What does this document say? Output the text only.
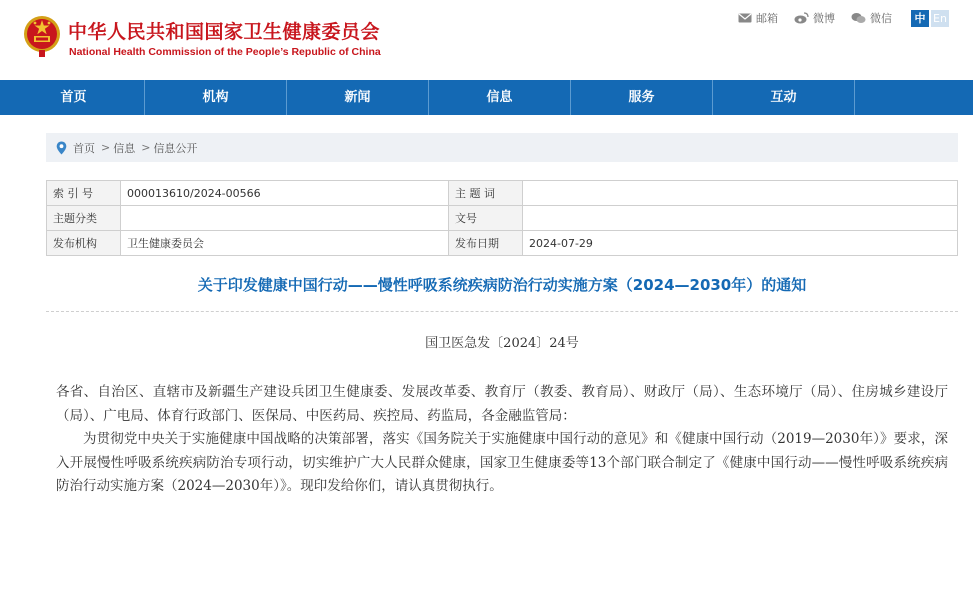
中华人民共和国国家卫生健康委员会
National Health Commission of the People’s Republic of China
邮箱	微博	微信	中 En
首页	机构	新闻	信息	服务	互动
首页 > 信息 > 信息公开
索 引 号	000013610/2024-00566	主 题 词	
主题分类		文号	
发布机构	卫生健康委员会	发布日期	2024-07-29
关于印发健康中国行动——慢性呼吸系统疾病防治行动实施方案（2024—2030年）的通知
国卫医急发〔2024〕24号

各省、自治区、直辖市及新疆生产建设兵团卫生健康委、发展改革委、教育厅（教委、教育局）、财政厅（局）、生态环境厅（局）、住房城乡建设厅（局）、广电局、体育行政部门、医保局、中医药局、疾控局、药监局，各金融监管局：

为贯彻党中央关于实施健康中国战略的决策部署，落实《国务院关于实施健康中国行动的意见》和《健康中国行动（2019—2030年）》要求，深入开展慢性呼吸系统疾病防治专项行动，切实维护广大人民群众健康，国家卫生健康委等13个部门联合制定了《健康中国行动——慢性呼吸系统疾病防治行动实施方案（2024—2030年）》。现印发给你们，请认真贯彻执行。
